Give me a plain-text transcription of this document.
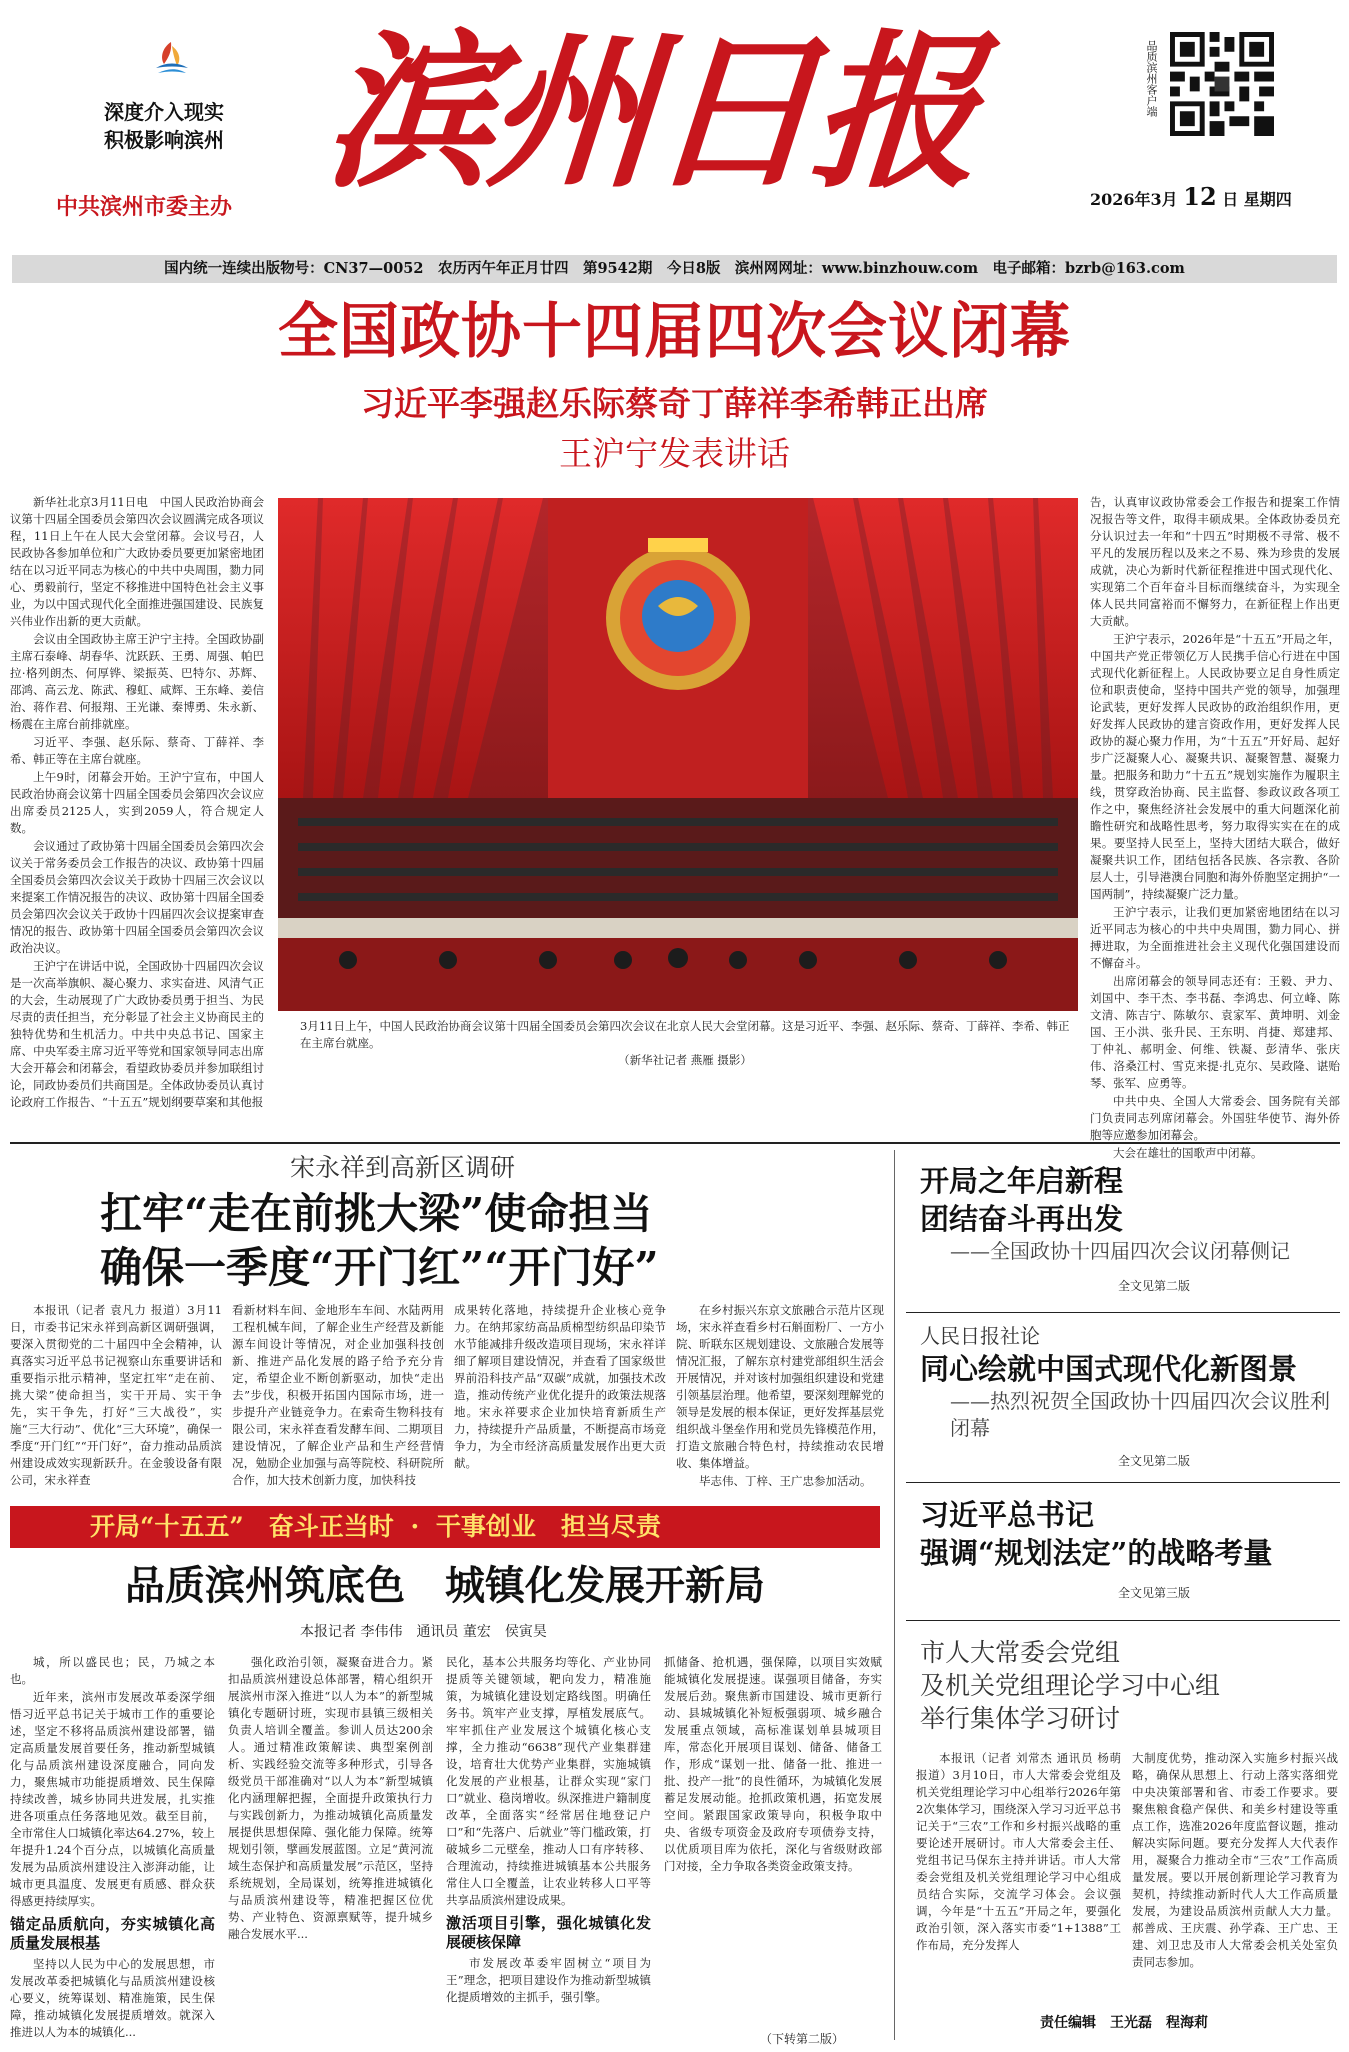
深度介入现实
积极影响滨州
中共滨州市委主办 滨州日报	品质滨州客户端
2026年3月 12 日 星期四
国内统一连续出版物号：CN37—0052　农历丙午年正月廿四　第9542期　今日8版　滨州网网址：www.binzhouw.com　电子邮箱：bzrb@163.com
全国政协十四届四次会议闭幕
习近平李强赵乐际蔡奇丁薛祥李希韩正出席
王沪宁发表讲话

新华社北京3月11日电　中国人民政治协商会议第十四届全国委员会第四次会议圆满完成各项议程，11日上午在人民大会堂闭幕。会议号召，人民政协各参加单位和广大政协委员要更加紧密地团结在以习近平同志为核心的中共中央周围，勠力同心、勇毅前行，坚定不移推进中国特色社会主义事业，为以中国式现代化全面推进强国建设、民族复兴伟业作出新的更大贡献。

会议由全国政协主席王沪宁主持。全国政协副主席石泰峰、胡春华、沈跃跃、王勇、周强、帕巴拉·格列朗杰、何厚铧、梁振英、巴特尔、苏辉、邵鸿、高云龙、陈武、穆虹、咸辉、王东峰、姜信治、蒋作君、何报翔、王光谦、秦博勇、朱永新、杨震在主席台前排就座。

习近平、李强、赵乐际、蔡奇、丁薛祥、李希、韩正等在主席台就座。

上午9时，闭幕会开始。王沪宁宣布，中国人民政治协商会议第十四届全国委员会第四次会议应出席委员2125人，实到2059人，符合规定人数。

会议通过了政协第十四届全国委员会第四次会议关于常务委员会工作报告的决议、政协第十四届全国委员会第四次会议关于政协十四届三次会议以来提案工作情况报告的决议、政协第十四届全国委员会第四次会议关于政协十四届四次会议提案审查情况的报告、政协第十四届全国委员会第四次会议政治决议。

王沪宁在讲话中说，全国政协十四届四次会议是一次高举旗帜、凝心聚力、求实奋进、风清气正的大会，生动展现了广大政协委员勇于担当、为民尽责的责任担当，充分彰显了社会主义协商民主的独特优势和生机活力。中共中央总书记、国家主席、中央军委主席习近平等党和国家领导同志出席大会开幕会和闭幕会，看望政协委员并参加联组讨论，同政协委员们共商国是。全体政协委员认真讨论政府工作报告、“十五五”规划纲要草案和其他报

3月11日上午，中国人民政治协商会议第十四届全国委员会第四次会议在北京人民大会堂闭幕。这是习近平、李强、赵乐际、蔡奇、丁薛祥、李希、韩正在主席台就座。

（新华社记者 燕雁 摄影）

告，认真审议政协常委会工作报告和提案工作情况报告等文件，取得丰硕成果。全体政协委员充分认识过去一年和“十四五”时期极不寻常、极不平凡的发展历程以及来之不易、殊为珍贵的发展成就，决心为新时代新征程推进中国式现代化、实现第二个百年奋斗目标而继续奋斗，为实现全体人民共同富裕而不懈努力，在新征程上作出更大贡献。

王沪宁表示，2026年是“十五五”开局之年，中国共产党正带领亿万人民携手信心行进在中国式现代化新征程上。人民政协要立足自身性质定位和职责使命，坚持中国共产党的领导，加强理论武装，更好发挥人民政协的政治组织作用，更好发挥人民政协的建言资政作用，更好发挥人民政协的凝心聚力作用，为“十五五”开好局、起好步广泛凝聚人心、凝聚共识、凝聚智慧、凝聚力量。把服务和助力“十五五”规划实施作为履职主线，贯穿政治协商、民主监督、参政议政各项工作之中，聚焦经济社会发展中的重大问题深化前瞻性研究和战略性思考，努力取得实实在在的成果。要坚持人民至上，坚持大团结大联合，做好凝聚共识工作，团结包括各民族、各宗教、各阶层人士，引导港澳台同胞和海外侨胞坚定拥护“一国两制”，持续凝聚广泛力量。

王沪宁表示，让我们更加紧密地团结在以习近平同志为核心的中共中央周围，勠力同心、拼搏进取，为全面推进社会主义现代化强国建设而不懈奋斗。

出席闭幕会的领导同志还有：王毅、尹力、刘国中、李干杰、李书磊、李鸿忠、何立峰、陈文清、陈吉宁、陈敏尔、袁家军、黄坤明、刘金国、王小洪、张升民、王东明、肖捷、郑建邦、丁仲礼、郝明金、何维、铁凝、彭清华、张庆伟、洛桑江村、雪克来提·扎克尔、吴政隆、谌贻琴、张军、应勇等。

中共中央、全国人大常委会、国务院有关部门负责同志列席闭幕会。外国驻华使节、海外侨胞等应邀参加闭幕会。

大会在雄壮的国歌声中闭幕。

宋永祥到高新区调研
扛牢“走在前挑大梁”使命担当
确保一季度“开门红”“开门好”

本报讯（记者 袁凡力 报道）3月11日，市委书记宋永祥到高新区调研强调，要深入贯彻党的二十届四中全会精神，认真落实习近平总书记视察山东重要讲话和重要指示批示精神，坚定扛牢“走在前、挑大梁”使命担当，实干开局、实干争先，实干争先，打好“三大战役”，实施“三大行动”、优化“三大环境”，确保一季度“开门红”“开门好”，奋力推动品质滨州建设成效实现新跃升。在金骏设备有限公司，宋永祥查

看新材料车间、金地形车车间、水陆两用工程机械车间，了解企业生产经营及新能源车间设计等情况，对企业加强科技创新、推进产品化发展的路子给予充分肯定，希望企业不断创新驱动，加快“走出去”步伐，积极开拓国内国际市场，进一步提升产业链竞争力。在索奇生物科技有限公司，宋永祥查看发酵车间、二期项目建设情况，了解企业产品和生产经营情况，勉励企业加强与高等院校、科研院所合作，加大技术创新力度，加快科技

成果转化落地，持续提升企业核心竞争力。在纳邦家纺高品质棉型纺织品印染节水节能减排升级改造项目现场，宋永祥详细了解项目建设情况，并查看了国家级世界前沿科技产品“双碳”成就，加强技术改造，推动传统产业优化提升的政策法规落地。宋永祥要求企业加快培育新质生产力，持续提升产品质量，不断提高市场竞争力，为全市经济高质量发展作出更大贡献。

在乡村振兴东京文旅融合示范片区现场，宋永祥查看乡村石斛面粉厂、一方小院、昕联东区规划建设、文旅融合发展等情况汇报，了解东京村建党部组织生活会开展情况，并对该村加强组织建设和党建引领基层治理。他希望，要深刻理解党的领导是发展的根本保证，更好发挥基层党组织战斗堡垒作用和党员先锋模范作用，打造文旅融合特色村，持续推动农民增收、集体增益。

毕志伟、丁梓、王广忠参加活动。

开局“十五五”　奋斗正当时 · 干事创业　担当尽责
品质滨州筑底色　城镇化发展开新局
本报记者 李伟伟　通讯员 董宏　侯寅昊

城，所以盛民也；民，乃城之本也。

近年来，滨州市发展改革委深学细悟习近平总书记关于城市工作的重要论述，坚定不移将品质滨州建设部署，锚定高质量发展首要任务，推动新型城镇化与品质滨州建设深度融合，同向发力，聚焦城市功能提质增效、民生保障持续改善，城乡协同共进发展，扎实推进各项重点任务落地见效。截至目前，全市常住人口城镇化率达64.27%，较上年提升1.24个百分点，以城镇化高质量发展为品质滨州建设注入澎湃动能，让城市更具温度、发展更有质感、群众获得感更持续厚实。

锚定品质航向，夯实城镇化高质量发展根基

坚持以人民为中心的发展思想，市发展改革委把城镇化与品质滨州建设核心要义，统筹谋划、精准施策，民生保障，推动城镇化发展提质增效。就深入推进以人为本的城镇化...

强化政治引领，凝聚奋进合力。紧扣品质滨州建设总体部署，精心组织开展滨州市深入推进“以人为本”的新型城镇化专题研讨班，实现市县镇三级相关负责人培训全覆盖。参训人员达200余人。通过精准政策解读、典型案例剖析、实践经验交流等多种形式，引导各级党员干部准确对“以人为本”新型城镇化内涵理解把握，全面提升政策执行力与实践创新力，为推动城镇化高质量发展提供思想保障、强化能力保障。统筹规划引领，擘画发展蓝图。立足“黄河流域生态保护和高质量发展”示范区，坚持系统规划，全局谋划，统筹推进城镇化与品质滨州建设等，精准把握区位优势、产业特色、资源禀赋等，提升城乡融合发展水平...

民化，基本公共服务均等化、产业协同提质等关键领域，靶向发力，精准施策，为城镇化建设划定路线图。明确任务书。筑牢产业支撑，厚植发展底气。牢牢抓住产业发展这个城镇化核心支撑，全力推动“6638”现代产业集群建设，培育壮大优势产业集群，实施城镇化发展的产业根基，让群众实现“家门口”就业、稳岗增收。纵深推进户籍制度改革，全面落实“经常居住地登记户口”和“先落户、后就业”等门槛政策，打破城乡二元壁垒，推动人口有序转移、合理流动，持续推进城镇基本公共服务常住人口全覆盖，让农业转移人口平等共享品质滨州建设成果。

激活项目引擎，强化城镇化发展硬核保障

市发展改革委牢固树立“项目为王”理念，把项目建设作为推动新型城镇化提质增效的主抓手，强引擎。

抓储备、抢机遇，强保障，以项目实效赋能城镇化发展提速。谋强项目储备，夯实发展后劲。聚焦新市国建设、城市更新行动、县城城镇化补短板强弱项、城乡融合发展重点领域，高标准谋划单县城项目库，常态化开展项目谋划、储备、储备工作，形成“谋划一批、储备一批、推进一批、投产一批”的良性循环，为城镇化发展蓄足发展动能。抢抓政策机遇，拓宽发展空间。紧跟国家政策导向，积极争取中央、省级专项资金及政府专项债券支持，以优质项目库为依托，深化与省级财政部门对接，全力争取各类资金政策支持。

（下转第二版）
开局之年启新程
团结奋斗再出发
——全国政协十四届四次会议闭幕侧记
全文见第二版
人民日报社论
同心绘就中国式现代化新图景
——热烈祝贺全国政协十四届四次会议胜利闭幕
全文见第二版
习近平总书记
强调“规划法定”的战略考量
全文见第三版
市人大常委会党组
及机关党组理论学习中心组
举行集体学习研讨

本报讯（记者 刘常杰 通讯员 杨萌 报道）3月10日，市人大常委会党组及机关党组理论学习中心组举行2026年第2次集体学习，围绕深入学习习近平总书记关于“三农”工作和乡村振兴战略的重要论述开展研讨。市人大常委会主任、党组书记马保东主持并讲话。市人大常委会党组及机关党组理论学习中心组成员结合实际，交流学习体会。会议强调，今年是“十五五”开局之年，要强化政治引领，深入落实市委“1+1388”工作布局，充分发挥人

大制度优势，推动深入实施乡村振兴战略，确保从思想上、行动上落实落细党中央决策部署和省、市委工作要求。要聚焦粮食稳产保供、和美乡村建设等重点工作，选准2026年度监督议题，推动解决实际问题。要充分发挥人大代表作用，凝聚合力推动全市“三农”工作高质量发展。要以开展创新理论学习教育为契机，持续推动新时代人大工作高质量发展，为建设品质滨州贡献人大力量。郝善成、王庆震、孙学森、王广忠、王建、刘卫忠及市人大常委会机关处室负责同志参加。

责任编辑　王光磊　程海莉
